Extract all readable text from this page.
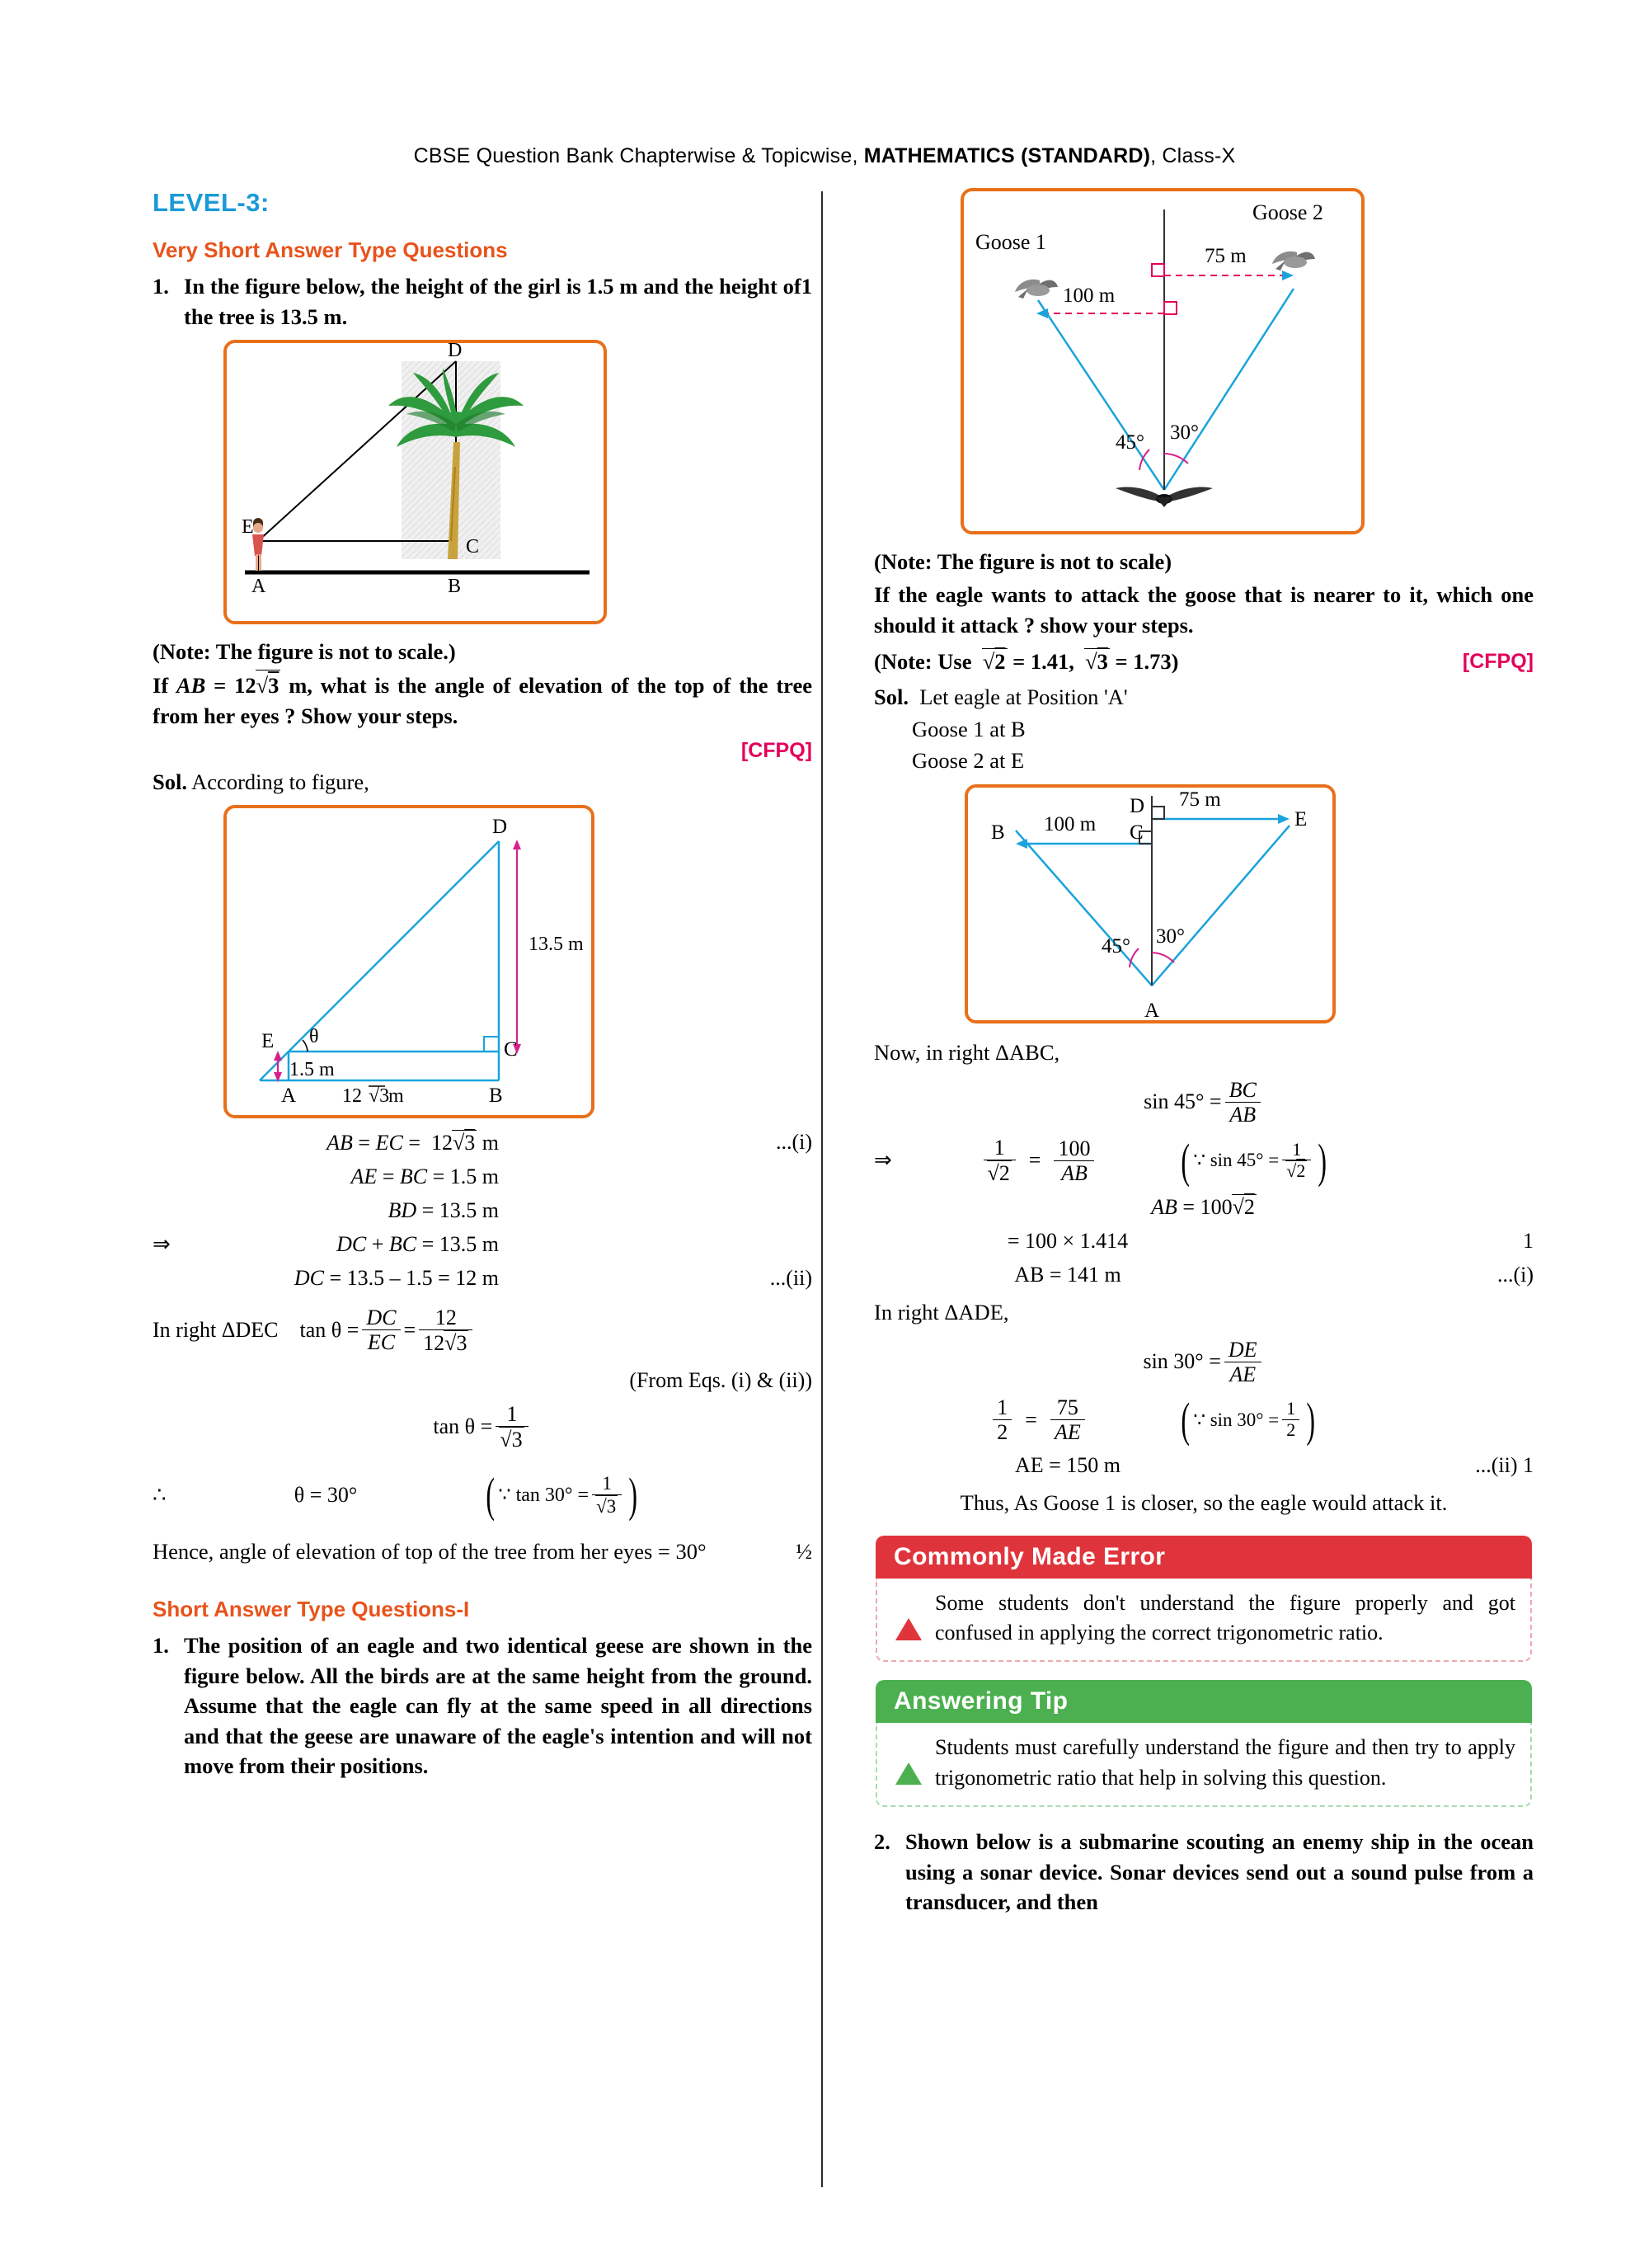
CBSE Question Bank Chapterwise & Topicwise, MATHEMATICS (STANDARD), Class-X
LEVEL-3:
Very Short Answer Type Questions
1.	1
In the figure below, the height of the girl is 1.5 m and the height of the tree is 13.5 m.
D
E
C
A	B
(Note: The figure is not to scale.)
If AB = 12√3 m, what is the angle of elevation of the top of the tree from her eyes ? Show your steps.
[CFPQ]
Sol. According to figure,
D
E	C
A	B
θ
13.5 m
1.5 m
12 √3
m
AB = EC =  12√3 m	...(i)
AE = BC = 1.5 m
BD = 13.5 m
⇒	DC + BC = 13.5 m
DC = 13.5 – 1.5 = 12 m	...(ii)
In right ΔDEC $\tan \theta = \frac{DC}{EC} = \frac{12}{12√3}$
(From Eqs. (i) & (ii))
$\tan \theta = \frac{1}{√3}$
∴	θ = 30°	( ∵ $\tan 30^\circ = \frac{1}{√3}$ )
Hence, angle of elevation of top of the tree from her eyes = 30°	½
Short Answer Type Questions-I
1. The position of an eagle and two identical geese are shown in the figure below. All the birds are at the same height from the ground. Assume that the eagle can fly at the same speed in all directions and that the geese are unaware of the eagle's intention and will not move from their positions.
Goose 1
Goose 2
100 m
75 m
45° 30°
(Note: The figure is not to scale)
If the eagle wants to attack the goose that is nearer to it, which one should it attack ? show your steps.
(Note: Use  √2 = 1.41,  √3 = 1.73)	[CFPQ]
Sol. Let eagle at Position 'A'
Goose 1 at B
Goose 2 at E
B	C
D
E
A
100 m
75 m
45° 30°
Now, in right ΔABC,
$\sin 45^\circ = \frac{BC}{AB}$
⇒	$\frac{1}{√2} = \frac{100}{AB}$ ( ∵ $\sin 45^\circ = \frac{1}{√2}$ )
AB = 100√2
= 100 × 1.414	1
AB = 141 m	...(i)
In right ΔADE,
$\sin 30^\circ = \frac{DE}{AE}$
$\frac{1}{2} = \frac{75}{AE}$ ( ∵ $\sin 30^\circ = \frac{1}{2}$ )
AE = 150 m	...(ii) 1
Thus, As Goose 1 is closer, so the eagle would attack it.
Commonly Made Error
!	Some students don't understand the figure properly and got confused in applying the correct trigonometric ratio.
Answering Tip
▲ Students must carefully understand the figure and then try to apply trigonometric ratio that help in solving this question.
2. Shown below is a submarine scouting an enemy ship in the ocean using a sonar device. Sonar devices send out a sound pulse from a transducer, and then
